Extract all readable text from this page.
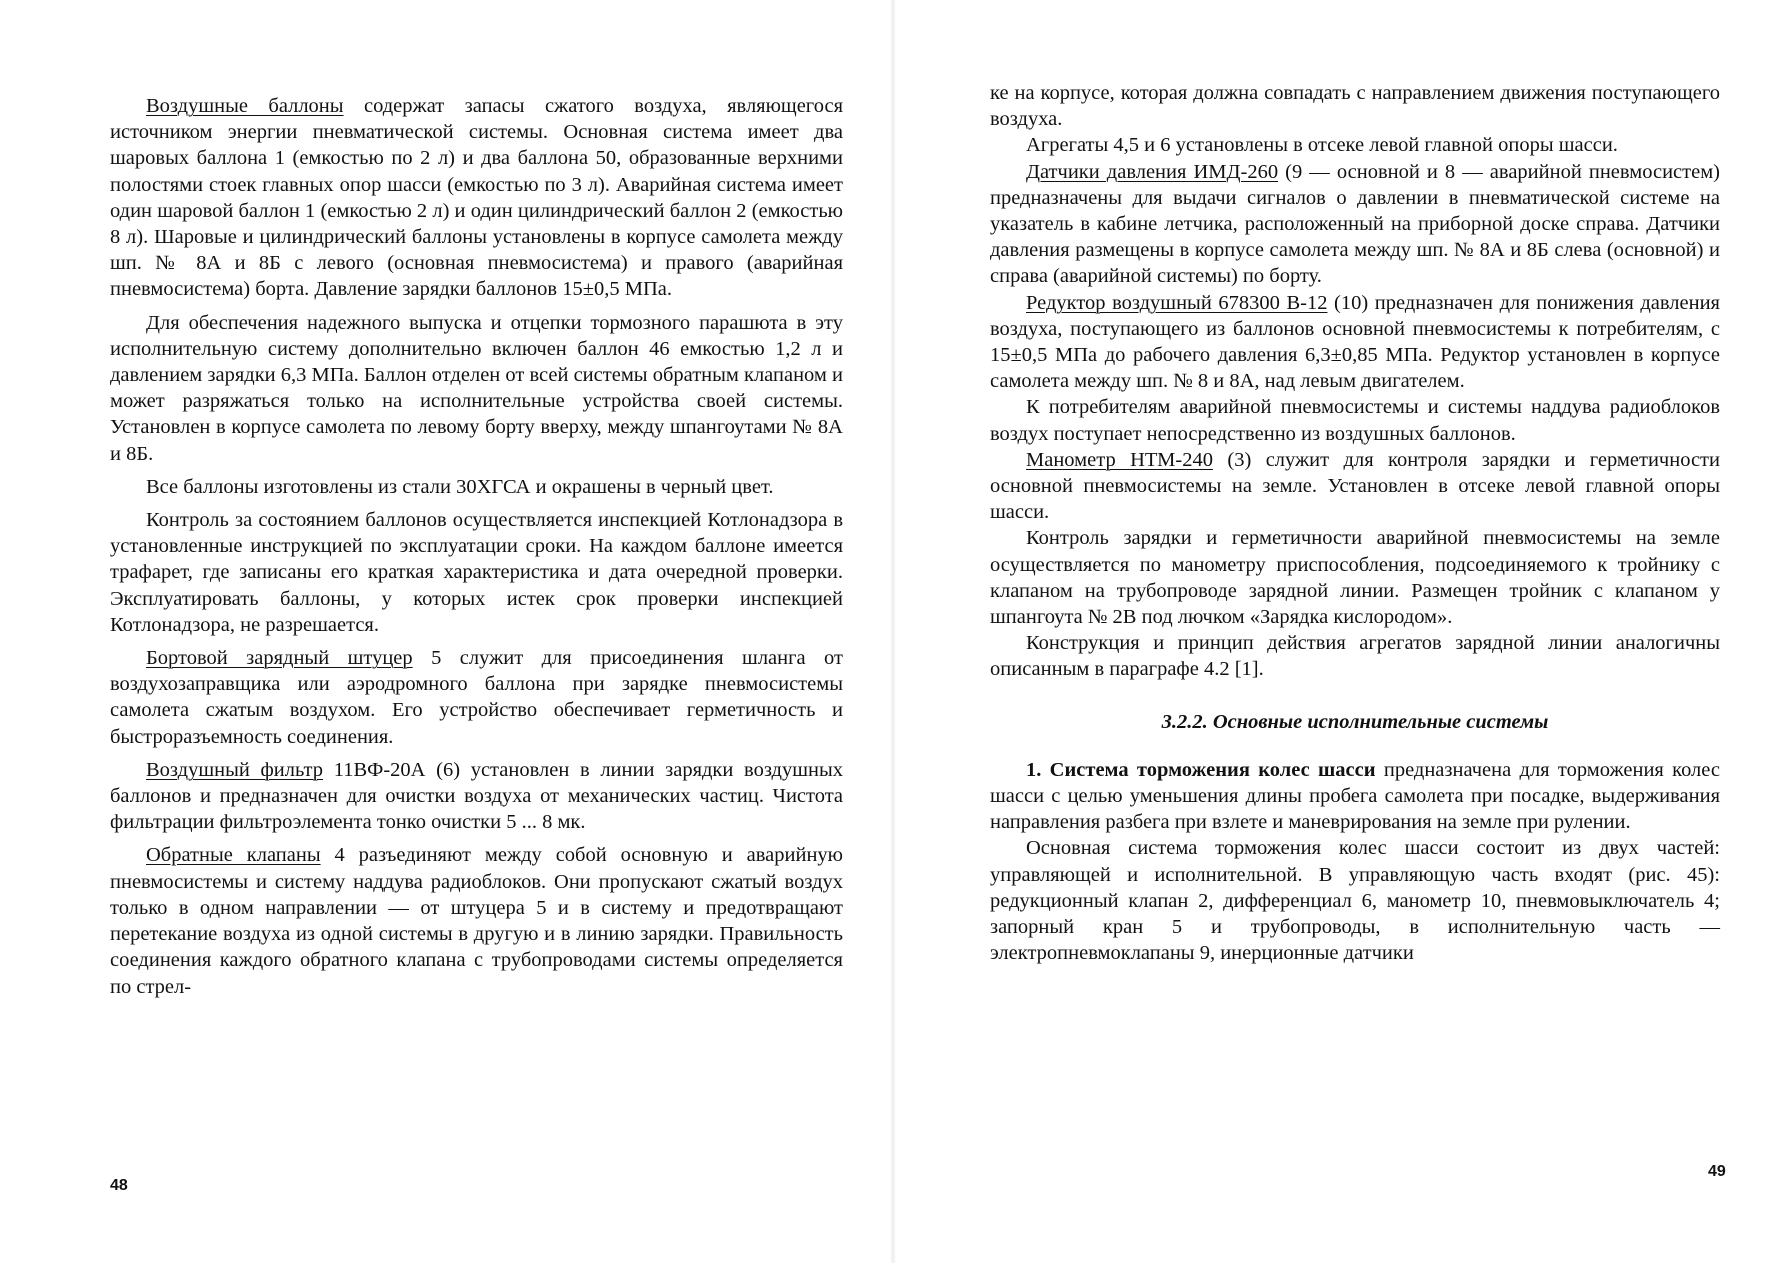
Воздушные баллоны содержат запасы сжатого воздуха, являющегося источником энергии пневматической системы. Основная система имеет два шаровых баллона 1 (емкостью по 2 л) и два баллона 50, образованные верхними полостями стоек главных опор шасси (емкостью по 3 л). Аварийная система имеет один шаровой баллон 1 (емкостью 2 л) и один цилиндрический баллон 2 (емкостью 8 л). Шаровые и цилиндрический баллоны установлены в корпусе самолета между шп. № 8А и 8Б с левого (основная пневмосистема) и правого (аварийная пневмосистема) борта. Давление зарядки баллонов 15±0,5 МПа.

Для обеспечения надежного выпуска и отцепки тормозного парашюта в эту исполнительную систему дополнительно включен баллон 46 емкостью 1,2 л и давлением зарядки 6,3 МПа. Баллон отделен от всей системы обратным клапаном и может разряжаться только на исполнительные устройства своей системы. Установлен в корпусе самолета по левому борту вверху, между шпангоутами № 8А и 8Б.

Все баллоны изготовлены из стали 30ХГСА и окрашены в черный цвет.

Контроль за состоянием баллонов осуществляется инспекцией Котлонадзора в установленные инструкцией по эксплуатации сроки. На каждом баллоне имеется трафарет, где записаны его краткая характеристика и дата очередной проверки. Эксплуатировать баллоны, у которых истек срок проверки инспекцией Котлонадзора, не разрешается.

Бортовой зарядный штуцер 5 служит для присоединения шланга от воздухозаправщика или аэродромного баллона при зарядке пневмосистемы самолета сжатым воздухом. Его устройство обеспечивает герметичность и быстроразъемность соединения.

Воздушный фильтр 11ВФ-20А (6) установлен в линии зарядки воздушных баллонов и предназначен для очистки воздуха от механических частиц. Чистота фильтрации фильтроэлемента тонко очистки 5 ... 8 мк.

Обратные клапаны 4 разъединяют между собой основную и аварийную пневмосистемы и систему наддува радиоблоков. Они пропускают сжатый воздух только в одном направлении — от штуцера 5 и в систему и предотвращают перетекание воздуха из одной системы в другую и в линию зарядки. Правильность соединения каждого обратного клапана с трубопроводами системы определяется по стрел-

48

ке на корпусе, которая должна совпадать с направлением движения поступающего воздуха.

Агрегаты 4,5 и 6 установлены в отсеке левой главной опоры шасси.

Датчики давления ИМД-260 (9 — основной и 8 — аварийной пневмосистем) предназначены для выдачи сигналов о давлении в пневматической системе на указатель в кабине летчика, расположенный на приборной доске справа. Датчики давления размещены в корпусе самолета между шп. № 8А и 8Б слева (основной) и справа (аварийной системы) по борту.

Редуктор воздушный 678300 В-12 (10) предназначен для понижения давления воздуха, поступающего из баллонов основной пневмосистемы к потребителям, с 15±0,5 МПа до рабочего давления 6,3±0,85 МПа. Редуктор установлен в корпусе самолета между шп. № 8 и 8А, над левым двигателем.

К потребителям аварийной пневмосистемы и системы наддува радиоблоков воздух поступает непосредственно из воздушных баллонов.

Манометр НТМ-240 (3) служит для контроля зарядки и герметичности основной пневмосистемы на земле. Установлен в отсеке левой главной опоры шасси.

Контроль зарядки и герметичности аварийной пневмосистемы на земле осуществляется по манометру приспособления, подсоединяемого к тройнику с клапаном на трубопроводе зарядной линии. Размещен тройник с клапаном у шпангоута № 2В под лючком «Зарядка кислородом».

Конструкция и принцип действия агрегатов зарядной линии аналогичны описанным в параграфе 4.2 [1].

3.2.2. Основные исполнительные системы

1. Система торможения колес шасси предназначена для торможения колес шасси с целью уменьшения длины пробега самолета при посадке, выдерживания направления разбега при взлете и маневрирования на земле при рулении.

Основная система торможения колес шасси состоит из двух частей: управляющей и исполнительной. В управляющую часть входят (рис. 45): редукционный клапан 2, дифференциал 6, манометр 10, пневмовыключатель 4; запорный кран 5 и трубопроводы, в исполнительную часть — электропневмоклапаны 9, инерционные датчики

49
